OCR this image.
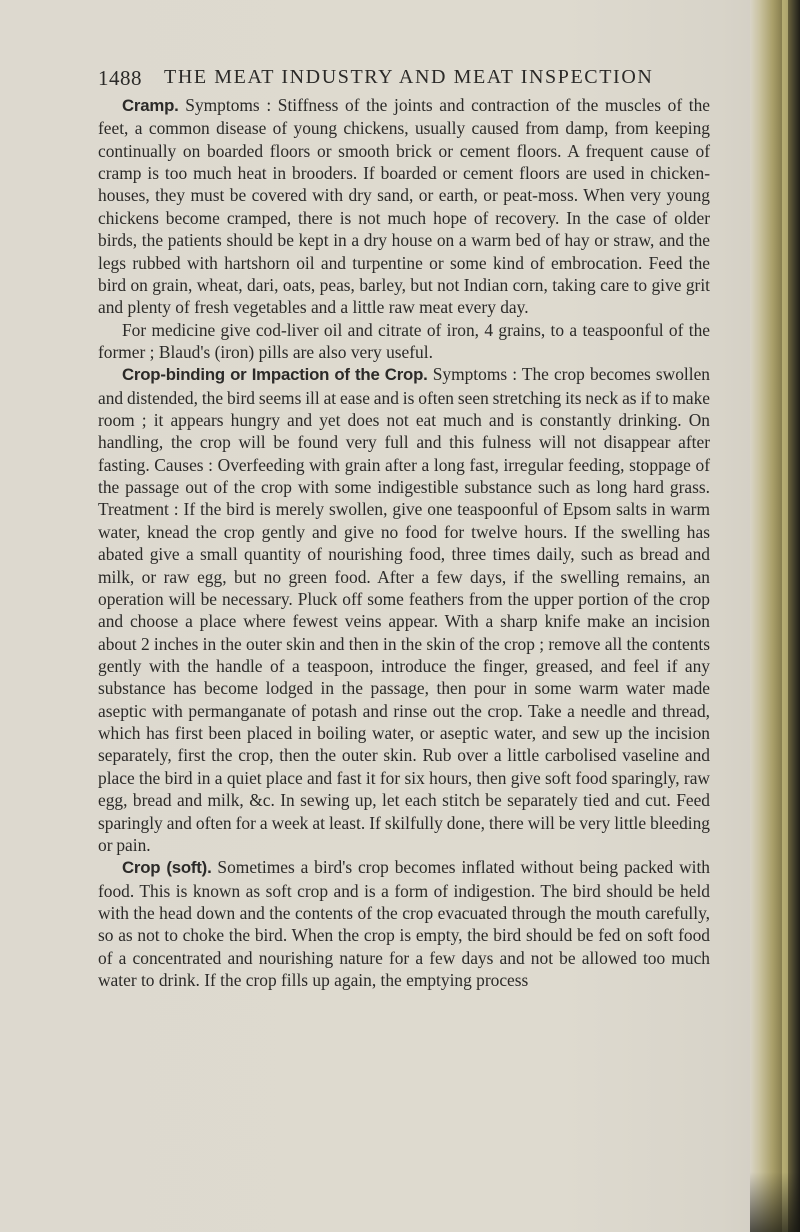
1488 THE MEAT INDUSTRY AND MEAT INSPECTION

Cramp. Symptoms : Stiffness of the joints and contraction of the muscles of the feet, a common disease of young chickens, usually caused from damp, from keeping continually on boarded floors or smooth brick or cement floors. A frequent cause of cramp is too much heat in brooders. If boarded or cement floors are used in chicken-houses, they must be covered with dry sand, or earth, or peat-moss. When very young chickens become cramped, there is not much hope of recovery. In the case of older birds, the patients should be kept in a dry house on a warm bed of hay or straw, and the legs rubbed with hartshorn oil and turpentine or some kind of embrocation. Feed the bird on grain, wheat, dari, oats, peas, barley, but not Indian corn, taking care to give grit and plenty of fresh vegetables and a little raw meat every day.

For medicine give cod-liver oil and citrate of iron, 4 grains, to a teaspoonful of the former ; Blaud's (iron) pills are also very useful.

Crop-binding or Impaction of the Crop. Symptoms : The crop becomes swollen and distended, the bird seems ill at ease and is often seen stretching its neck as if to make room ; it appears hungry and yet does not eat much and is constantly drinking. On handling, the crop will be found very full and this fulness will not disappear after fasting. Causes : Overfeeding with grain after a long fast, irregular feeding, stoppage of the passage out of the crop with some indigestible substance such as long hard grass. Treatment : If the bird is merely swollen, give one teaspoonful of Epsom salts in warm water, knead the crop gently and give no food for twelve hours. If the swelling has abated give a small quantity of nourishing food, three times daily, such as bread and milk, or raw egg, but no green food. After a few days, if the swelling remains, an operation will be necessary. Pluck off some feathers from the upper portion of the crop and choose a place where fewest veins appear. With a sharp knife make an incision about 2 inches in the outer skin and then in the skin of the crop ; remove all the contents gently with the handle of a teaspoon, introduce the finger, greased, and feel if any substance has become lodged in the passage, then pour in some warm water made aseptic with permanganate of potash and rinse out the crop. Take a needle and thread, which has first been placed in boiling water, or aseptic water, and sew up the incision separately, first the crop, then the outer skin. Rub over a little carbolised vaseline and place the bird in a quiet place and fast it for six hours, then give soft food sparingly, raw egg, bread and milk, &c. In sewing up, let each stitch be separately tied and cut. Feed sparingly and often for a week at least. If skilfully done, there will be very little bleeding or pain.

Crop (soft). Sometimes a bird's crop becomes inflated without being packed with food. This is known as soft crop and is a form of indigestion. The bird should be held with the head down and the contents of the crop evacuated through the mouth carefully, so as not to choke the bird. When the crop is empty, the bird should be fed on soft food of a concentrated and nourishing nature for a few days and not be allowed too much water to drink. If the crop fills up again, the emptying process
